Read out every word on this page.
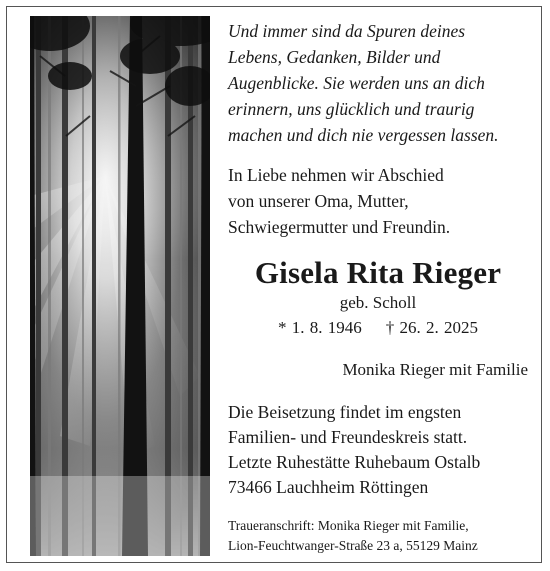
Und immer sind da Spuren deines
Lebens, Gedanken, Bilder und
Augenblicke. Sie werden uns an dich
erinnern, uns glücklich und traurig
machen und dich nie vergessen lassen.

In Liebe nehmen wir Abschied
von unserer Oma, Mutter,
Schwiegermutter und Freundin.

Gisela Rita Rieger
geb. Scholl
* 1. 8. 1946 † 26. 2. 2025
Monika Rieger mit Familie

Die Beisetzung findet im engsten
Familien- und Freundeskreis statt.
Letzte Ruhestätte Ruhebaum Ostalb
73466 Lauchheim Röttingen

Traueranschrift: Monika Rieger mit Familie,
Lion-Feuchtwanger-Straße 23 a, 55129 Mainz
